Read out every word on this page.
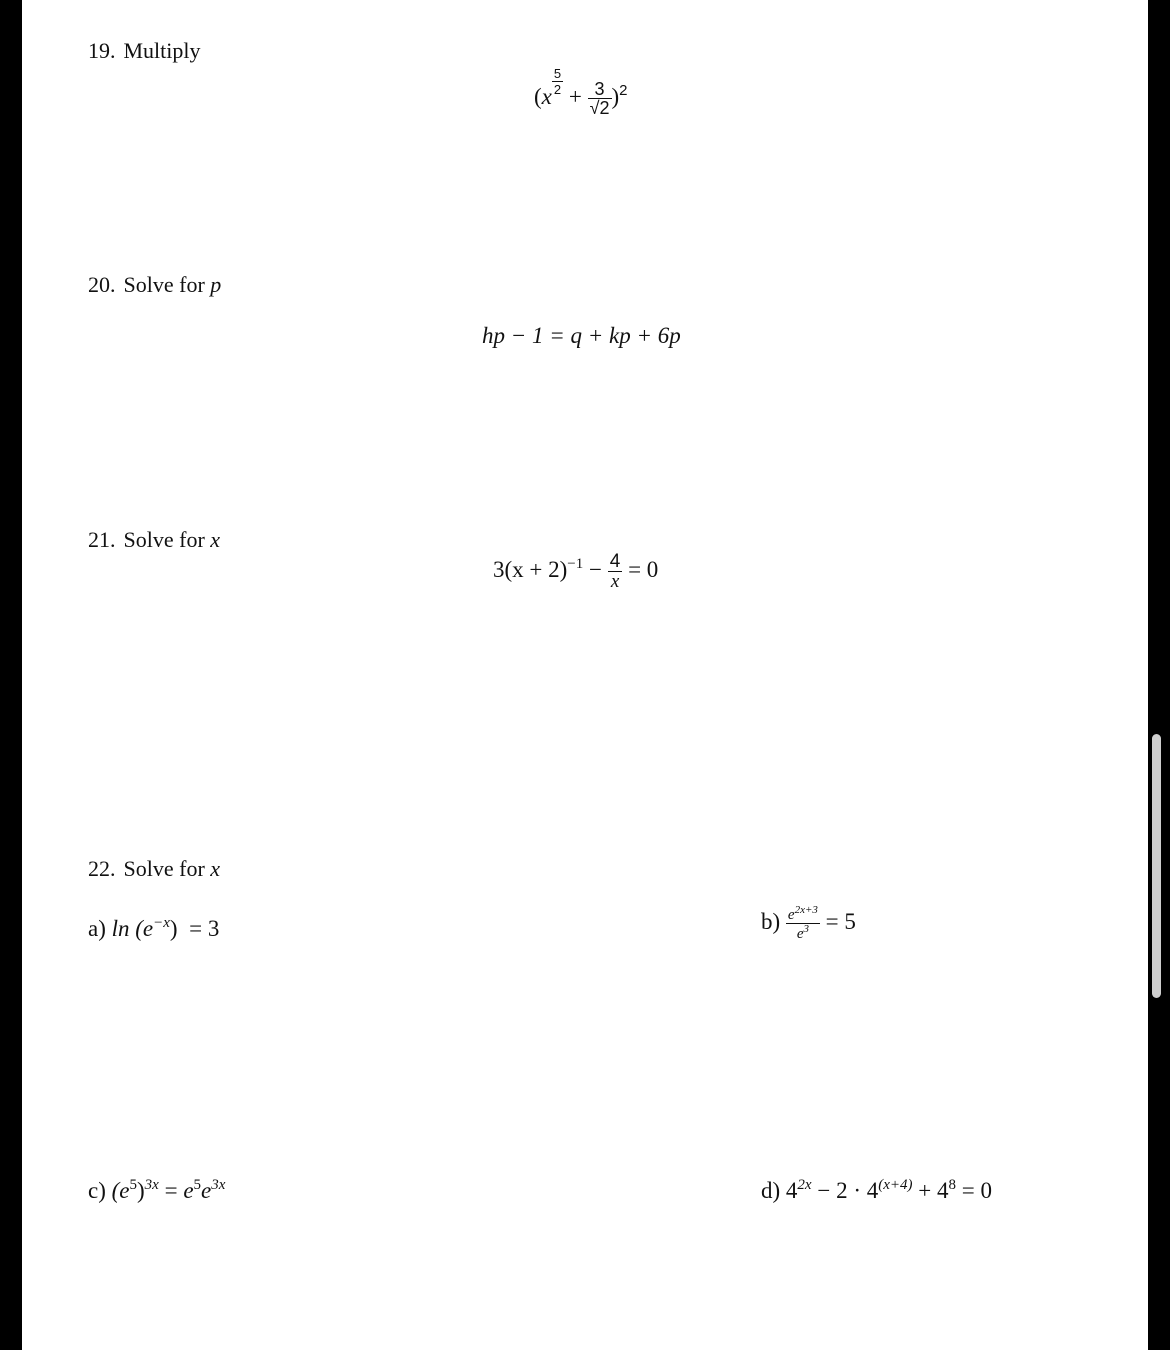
19. Multiply
$(x \frac{5}{2} + \frac{3}{√2} )^2$
20. Solve for p
hp − 1 = q + kp + 6p
21. Solve for x
$3(x + 2)^{-1} - \frac{4}{x} = 0$
22. Solve for x
a) $\ln (e^{-x}) = 3$	$b) \frac{e^{2x+3}}{e^3} = 5$
c) $(e^5)^{3x} = e^5e^{3x}$	d) $4^{2x} - 2 \cdot 4^{(x+4)} + 4^8 = 0$
